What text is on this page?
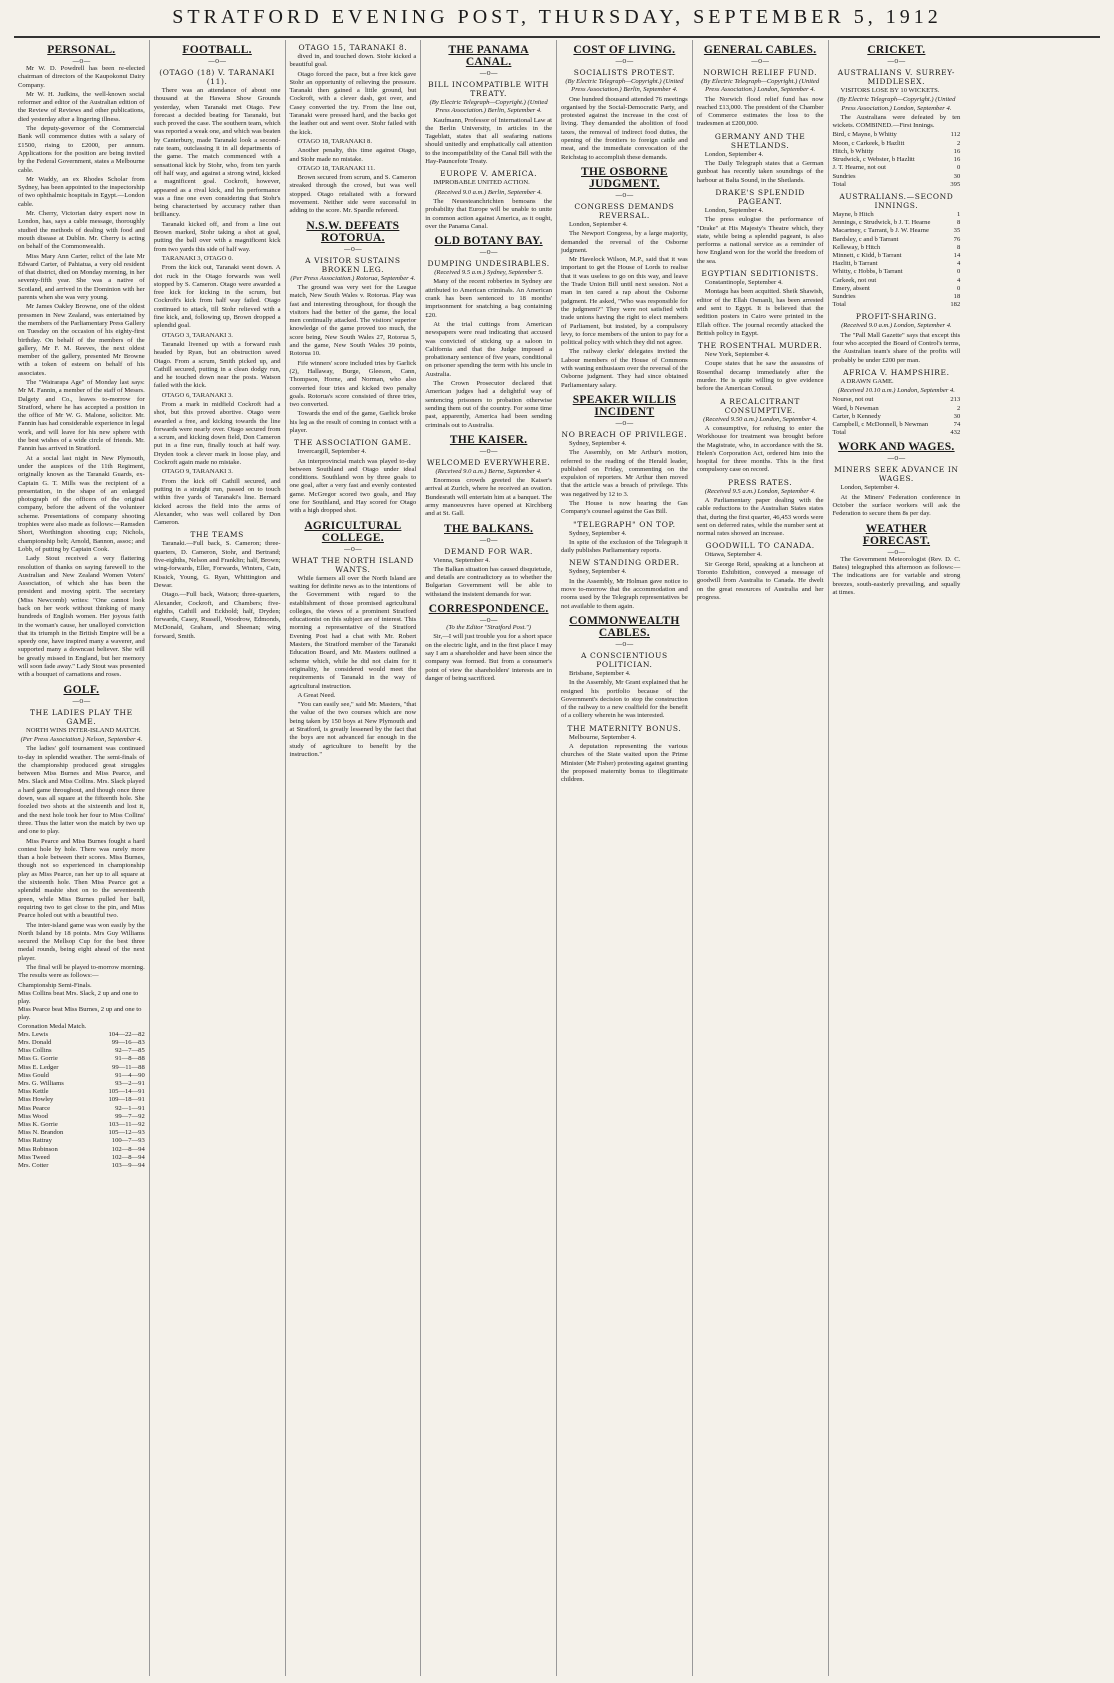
STRATFORD EVENING POST, THURSDAY, SEPTEMBER 5, 1912
PERSONAL.
—o—

Mr W. D. Powdrell has been re-elected chairman of directors of the Kaupokonui Dairy Company.

Mr W. H. Judkins, the well-known social reformer and editor of the Australian edition of the Review of Reviews and other publications, died yesterday after a lingering illness.

The deputy-governor of the Commercial Bank will commence duties with a salary of £1500, rising to £2000, per annum. Applications for the position are being invited by the Federal Government, states a Melbourne cable.

Mr Waddy, an ex Rhodes Scholar from Sydney, has been appointed to the inspectorship of two ophthalmic hospitals in Egypt.—London cable.

Mr. Cherry, Victorian dairy expert now in London, has, says a cable message, thoroughly studied the methods of dealing with food and mouth disease at Dublin. Mr. Cherry is acting on behalf of the Commonwealth.

Miss Mary Ann Carter, relict of the late Mr Edward Carter, of Pahiatua, a very old resident of that district, died on Monday morning, in her seventy-fifth year. She was a native of Scotland, and arrived in the Dominion with her parents when she was very young.

Mr James Oakley Browne, one of the oldest pressmen in New Zealand, was entertained by the members of the Parliamentary Press Gallery on Tuesday on the occasion of his eighty-first birthday. On behalf of the members of the gallery, Mr F. M. Reeves, the next oldest member of the gallery, presented Mr Browne with a token of esteem on behalf of his associates.

The "Wairarapa Age" of Monday last says: Mr M. Fannin, a member of the staff of Messrs. Dalgety and Co., leaves to-morrow for Stratford, where he has accepted a position in the office of Mr W. G. Malone, solicitor. Mr. Fannin has had considerable experience in legal work, and will leave for his new sphere with the best wishes of a wide circle of friends. Mr. Fannin has arrived in Stratford.

At a social last night in New Plymouth, under the auspices of the 11th Regiment, originally known as the Taranaki Guards, ex-Captain G. T. Mills was the recipient of a presentation, in the shape of an enlarged photograph of the officers of the original company, before the advent of the volunteer scheme. Presentations of company shooting trophies were also made as follows:—Ramsden Short, Worthington shooting cup; Nichols, championship belt; Arnold, Bannon, assoc; and Lobb, of putting by Captain Cook.

Lady Stout received a very flattering resolution of thanks on saying farewell to the Australian and New Zealand Women Voters' Association, of which she has been the president and moving spirit. The secretary (Miss Newcomb) writes: "One cannot look back on her work without thinking of many hundreds of English women. Her joyous faith in the woman's cause, her unalloyed conviction that its triumph in the British Empire will be a speedy one, have inspired many a waverer, and supported many a downcast believer. She will be greatly missed in England, but her memory will soon fade away." Lady Stout was presented with a bouquet of carnations and roses.

GOLF.
—o—
THE LADIES PLAY THE GAME.

NORTH WINS INTER-ISLAND MATCH.

(Per Press Association.) Nelson, September 4.

The ladies' golf tournament was continued to-day in splendid weather. The semi-finals of the championship produced great struggles between Miss Burnes and Miss Pearce, and Mrs. Slack and Miss Collins. Mrs. Slack played a hard game throughout, and though once three down, was all square at the fifteenth hole. She foozled two shots at the sixteenth and lost it, and the next hole took her four to Miss Collins' three. Thus the latter won the match by two up and one to play.

Miss Pearce and Miss Burnes fought a hard contest hole by hole. There was rarely more than a hole between their scores. Miss Burnes, though not so experienced in championship play as Miss Pearce, ran her up to all square at the sixteenth hole. Then Miss Pearce got a splendid mashie shot on to the seventeenth green, while Miss Burnes pulled her ball, requiring two to get close to the pin, and Miss Pearce holed out with a beautiful two.

The inter-island game was won easily by the North Island by 18 points. Mrs Guy Williams secured the Mellsop Cup for the best three medal rounds, being eight ahead of the next player.

The final will be played to-morrow morning. The results were as follows:—

Championship Semi-Finals.
Miss Collins beat Mrs. Slack, 2 up and one to play.
Miss Pearce beat Miss Burnes, 2 up and one to play.
Coronation Medal Match.
Mrs. Lewis	104—22—82
Mrs. Donald	99—16—83
Miss Collins	92—7—85
Miss G. Gorrie	91—8—88
Miss E. Ledger	99—11—88
Miss Gould	91—4—90
Mrs. G. Williams	93—2—91
Miss Kettle	105—14—91
Miss Howley	109—18—91
Miss Pearce	92—1—91
Miss Wood	99—7—92
Miss K. Gorrie	103—11—92
Miss N. Brandon	105—12—93
Miss Rattray	100—7—93
Miss Robinson	102—8—94
Miss Tweed	102—8—94
Mrs. Cotter	103—9—94
FOOTBALL.
—o—
(OTAGO (18) V. TARANAKI (11).

There was an attendance of about one thousand at the Hawera Show Grounds yesterday, when Taranaki met Otago. Few forecast a decided beating for Taranaki, but such proved the case. The southern team, which was reported a weak one, and which was beaten by Canterbury, made Taranaki look a second-rate team, outclassing it in all departments of the game. The match commenced with a sensational kick by Stohr, who, from ten yards off half way, and against a strong wind, kicked a magnificent goal. Cockroft, however, appeared as a rival kick, and his performance was a fine one even considering that Stohr's being characterised by accuracy rather than brilliancy.

Taranaki kicked off, and from a line out Brown marked, Stohr taking a shot at goal, putting the ball over with a magnificent kick from two yards this side of half way.

TARANAKI 3, OTAGO 0.

From the kick out, Taranaki went down. A dot ruck in the Otago forwards was well stopped by S. Cameron. Otago were awarded a free kick for kicking in the scrum, but Cockroft's kick from half way failed. Otago continued to attack, till Stohr relieved with a fine kick, and, following up, Brown dropped a splendid goal.

OTAGO 3, TARANAKI 3.

Taranaki livened up with a forward rush headed by Ryan, but an obstruction saved Otago. From a scrum, Smith picked up, and Cathill secured, putting in a clean dodgy run, and he touched down near the posts. Watson failed with the kick.

OTAGO 6, TARANAKI 3.

From a mark in midfield Cockroft had a shot, but this proved abortive. Otago were awarded a free, and kicking towards the line forwards were nearly over. Otago secured from a scrum, and kicking down field, Don Cameron put in a fine run, finally touch at half way. Dryden took a clever mark in loose play, and Cockroft again made no mistake.

OTAGO 9, TARANAKI 3.

From the kick off Cathill secured, and putting in a straight run, passed on to touch within five yards of Taranaki's line. Bernard kicked across the field into the arms of Alexander, who was well collared by Don Cameron.

THE TEAMS

Taranaki.—Full back, S. Cameron; three-quarters, D. Cameron, Stohr, and Bertrand; five-eighths, Nelson and Franklin; half, Brown; wing-forwards, Eller, Forwards, Winters, Cain, Kissick, Young, G. Ryan, Whittington and Dewar.

Otago.—Full back, Watson; three-quarters, Alexander, Cockroft, and Chambers; five-eighths, Cathill and Eckhold; half, Dryden; forwards, Casey, Russell, Woodrow, Edmonds, McDonald, Graham, and Sheenan; wing forward, Smith.

OTAGO 15, TARANAKI 8.

dived in, and touched down. Stohr kicked a beautiful goal.

Otago forced the pace, but a free kick gave Stohr an opportunity of relieving the pressure. Taranaki then gained a little ground, but Cockroft, with a clever dash, got over, and Casey converted the try. From the line out, Taranaki were pressed hard, and the backs got the leather out and went over. Stohr failed with the kick.

OTAGO 18, TARANAKI 8.

Another penalty, this time against Otago, and Stohr made no mistake.

OTAGO 18, TARANAKI 11.

Brown secured from scrum, and S. Cameron streaked through the crowd, but was well stopped. Otago retaliated with a forward movement. Neither side were successful in adding to the score. Mr. Spardle refereed.

N.S.W. DEFEATS ROTORUA.
—o—
A VISITOR SUSTAINS BROKEN LEG.

(Per Press Association.) Rotorua, September 4.

The ground was very wet for the League match, New South Wales v. Rotorua. Play was fast and interesting throughout, for though the visitors had the better of the game, the local men continually attacked. The visitors' superior knowledge of the game proved too much, the score being, New South Wales 27, Rotorua 5, and the game, New South Wales 39 points, Rotorua 10.

Fife winners' score included tries by Garlick (2), Hallaway, Burge, Gleeson, Cann, Thompson, Horne, and Norman, who also converted four tries and kicked two penalty goals. Rotorua's score consisted of three tries, two converted.

Towards the end of the game, Garlick broke his leg as the result of coming in contact with a player.

THE ASSOCIATION GAME.

Invercargill, September 4.

An interprovincial match was played to-day between Southland and Otago under ideal conditions. Southland won by three goals to one goal, after a very fast and evenly contested game. McGregor scored two goals, and Hay one for Southland, and Hay scored for Otago with a high dropped shot.

AGRICULTURAL COLLEGE.
—o—
WHAT THE NORTH ISLAND WANTS.

While farmers all over the North Island are waiting for definite news as to the intentions of the Government with regard to the establishment of those promised agricultural colleges, the views of a prominent Stratford educationist on this subject are of interest. This morning a representative of the Stratford Evening Post had a chat with Mr. Robert Masters, the Stratford member of the Taranaki Education Board, and Mr. Masters outlined a scheme which, while he did not claim for it originality, he considered would meet the requirements of Taranaki in the way of agricultural instruction.

A Great Need.

"You can easily see," said Mr. Masters, "that the value of the two courses which are now being taken by 150 boys at New Plymouth and at Stratford, is greatly lessened by the fact that the boys are not advanced far enough in the study of agriculture to benefit by the instruction."

THE PANAMA CANAL.
—o—
BILL INCOMPATIBLE WITH TREATY.

(By Electric Telegraph—Copyright.) (United Press Association.) Berlin, September 4.

Kaufmann, Professor of International Law at the Berlin University, in articles in the Tageblatt, states that all seafaring nations should unitedly and emphatically call attention to the incompatibility of the Canal Bill with the Hay-Pauncefote Treaty.

EUROPE V. AMERICA.

IMPROBABLE UNITED ACTION.

(Received 9.0 a.m.) Berlin, September 4.

The Neuesteanchrichten bemoans the probability that Europe will be unable to unite in common action against America, as it ought, over the Panama Canal.

OLD BOTANY BAY.
—o—
DUMPING UNDESIRABLES.

(Received 9.5 a.m.) Sydney, September 5.

Many of the recent robberies in Sydney are attributed to American criminals. An American crank has been sentenced to 18 months' imprisonment for snatching a bag containing £20.

At the trial cuttings from American newspapers were read indicating that accused was convicted of sticking up a saloon in California and that the Judge imposed a probationary sentence of five years, conditional on prisoner spending the term with his uncle in Australia.

The Crown Prosecutor declared that American judges had a delightful way of sentencing prisoners to probation otherwise sending them out of the country. For some time past, apparently, America had been sending criminals out to Australia.

THE KAISER.
—o—
WELCOMED EVERYWHERE.

(Received 9.0 a.m.) Berne, September 4.

Enormous crowds greeted the Kaiser's arrival at Zurich, where he received an ovation. Bundesrath will entertain him at a banquet. The army manoeuvres have opened at Kirchberg and at St. Gall.

THE BALKANS.
—o—
DEMAND FOR WAR.

Vienna, September 4.

The Balkan situation has caused disquietude, and details are contradictory as to whether the Bulgarian Government will be able to withstand the insistent demands for war.

CORRESPONDENCE.
—o—

(To the Editor "Stratford Post.")

Sir,—I will just trouble you for a short space on the electric light, and in the first place I may say I am a shareholder and have been since the company was formed. But from a consumer's point of view the shareholders' interests are in danger of being sacrificed.

COST OF LIVING.
—o—
SOCIALISTS PROTEST.

(By Electric Telegraph—Copyright.) (United Press Association.) Berlin, September 4.

One hundred thousand attended 76 meetings organised by the Social-Democratic Party, and protested against the increase in the cost of living. They demanded the abolition of food taxes, the removal of indirect food duties, the opening of the frontiers to foreign cattle and meat, and the immediate convocation of the Reichstag to accomplish these demands.

THE OSBORNE JUDGMENT.
—o—
CONGRESS DEMANDS REVERSAL.

London, September 4.

The Newport Congress, by a large majority, demanded the reversal of the Osborne judgment.

Mr Havelock Wilson, M.P., said that it was important to get the House of Lords to realise that it was useless to go on this way, and leave the Trade Union Bill until next session. Not a man in ten cared a rap about the Osborne judgment. He asked, "Who was responsible for the judgment?" They were not satisfied with trade unions having the right to elect members of Parliament, but insisted, by a compulsory levy, to force members of the union to pay for a political policy with which they did not agree.

The railway clerks' delegates invited the Labour members of the House of Commons with waning enthusiasm over the reversal of the Osborne judgment. They had since obtained Parliamentary salary.

SPEAKER WILLIS INCIDENT
—o—
NO BREACH OF PRIVILEGE.

Sydney, September 4.

The Assembly, on Mr Arthur's motion, referred to the reading of the Herald leader, published on Friday, commenting on the expulsion of reporters. Mr Arthur then moved that the article was a breach of privilege. This was negatived by 12 to 3.

The House is now hearing the Gas Company's counsel against the Gas Bill.

"TELEGRAPH" ON TOP.

Sydney, September 4.

In spite of the exclusion of the Telegraph it daily publishes Parliamentary reports.

NEW STANDING ORDER.

Sydney, September 4.

In the Assembly, Mr Holman gave notice to move to-morrow that the accommodation and rooms used by the Telegraph representatives be not available to them again.

COMMONWEALTH CABLES.
—o—
A CONSCIENTIOUS POLITICIAN.

Brisbane, September 4.

In the Assembly, Mr Grant explained that he resigned his portfolio because of the Government's decision to stop the construction of the railway to a new coalfield for the benefit of a colliery wherein he was interested.

THE MATERNITY BONUS.

Melbourne, September 4.

A deputation representing the various churches of the State waited upon the Prime Minister (Mr Fisher) protesting against granting the proposed maternity bonus to illegitimate children.

GENERAL CABLES.
—o—
NORWICH RELIEF FUND.

(By Electric Telegraph—Copyright.) (United Press Association.) London, September 4.

The Norwich flood relief fund has now reached £13,000. The president of the Chamber of Commerce estimates the loss to the tradesmen at £200,000.

GERMANY AND THE SHETLANDS.

London, September 4.

The Daily Telegraph states that a German gunboat has recently taken soundings of the harbour at Balta Sound, in the Shetlands.

DRAKE'S SPLENDID PAGEANT.

London, September 4.

The press eulogise the performance of "Drake" at His Majesty's Theatre which, they state, while being a splendid pageant, is also performs a national service as a reminder of how England won for the world the freedom of the sea.

EGYPTIAN SEDITIONISTS.

Constantinople, September 4.

Montagu has been acquitted. Sheik Shawish, editor of the Ellah Osmanli, has been arrested and sent to Egypt. It is believed that the sedition posters in Cairo were printed in the Ellah office. The journal recently attacked the British policy in Egypt.

THE ROSENTHAL MURDER.

New York, September 4.

Coupe states that he saw the assassins of Rosenthal decamp immediately after the murder. He is quite willing to give evidence before the American Consul.

A RECALCITRANT CONSUMPTIVE.

(Received 9.50 a.m.) London, September 4.

A consumptive, for refusing to enter the Workhouse for treatment was brought before the Magistrate, who, in accordance with the St. Helen's Corporation Act, ordered him into the hospital for three months. This is the first compulsory case on record.

PRESS RATES.

(Received 9.5 a.m.) London, September 4.

A Parliamentary paper dealing with the cable reductions to the Australian States states that, during the first quarter, 46,453 words were sent on deferred rates, while the number sent at normal rates showed an increase.

GOODWILL TO CANADA.

Ottawa, September 4.

Sir George Reid, speaking at a luncheon at Toronto Exhibition, conveyed a message of goodwill from Australia to Canada. He dwelt on the great resources of Australia and her progress.

CRICKET.
—o—
AUSTRALIANS V. SURREY-MIDDLESEX.

VISITORS LOSE BY 10 WICKETS.

(By Electric Telegraph—Copyright.) (United Press Association.) London, September 4.

The Australians were defeated by ten wickets. COMBINED.—First Innings.

Bird, c Mayne, b Whitty	112
Moon, c Carkeek, b Hazlitt	2
Hitch, b Whitty	16
Strudwick, c Webster, b Hazlitt	16
J. T. Hearne, not out	0
Sundries	30
Total	395
AUSTRALIANS.—SECOND INNINGS.
Mayne, b Hitch	1
Jennings, c Strudwick, b J. T. Hearne	8
Macartney, c Tarrant, b J. W. Hearne	35
Bardsley, c and b Tarrant	76
Kelleway, b Hitch	8
Minnett, c Kidd, b Tarrant	14
Hazlitt, b Tarrant	4
Whitty, c Hobbs, b Tarrant	0
Carkeek, not out	4
Emery, absent	0
Sundries	18
Total	182
PROFIT-SHARING.

(Received 9.0 a.m.) London, September 4.

The "Pall Mall Gazette" says that except this four who accepted the Board of Control's terms, the Australian team's share of the profits will probably be under £200 per man.

AFRICA V. HAMPSHIRE.

A DRAWN GAME.

(Received 10.10 a.m.) London, September 4.

Nourse, not out	213
Ward, b Newman	2
Carter, b Kennedy	30
Campbell, c McDonnell, b Newman	74
Total	432
WORK AND WAGES.
—o—
MINERS SEEK ADVANCE IN WAGES.

London, September 4.

At the Miners' Federation conference in October the surface workers will ask the Federation to secure them 8s per day.

WEATHER FORECAST.
—o—

The Government Meteorologist (Rev. D. C. Bates) telegraphed this afternoon as follows:—The indications are for variable and strong breezes, south-easterly prevailing, and squally at times.
